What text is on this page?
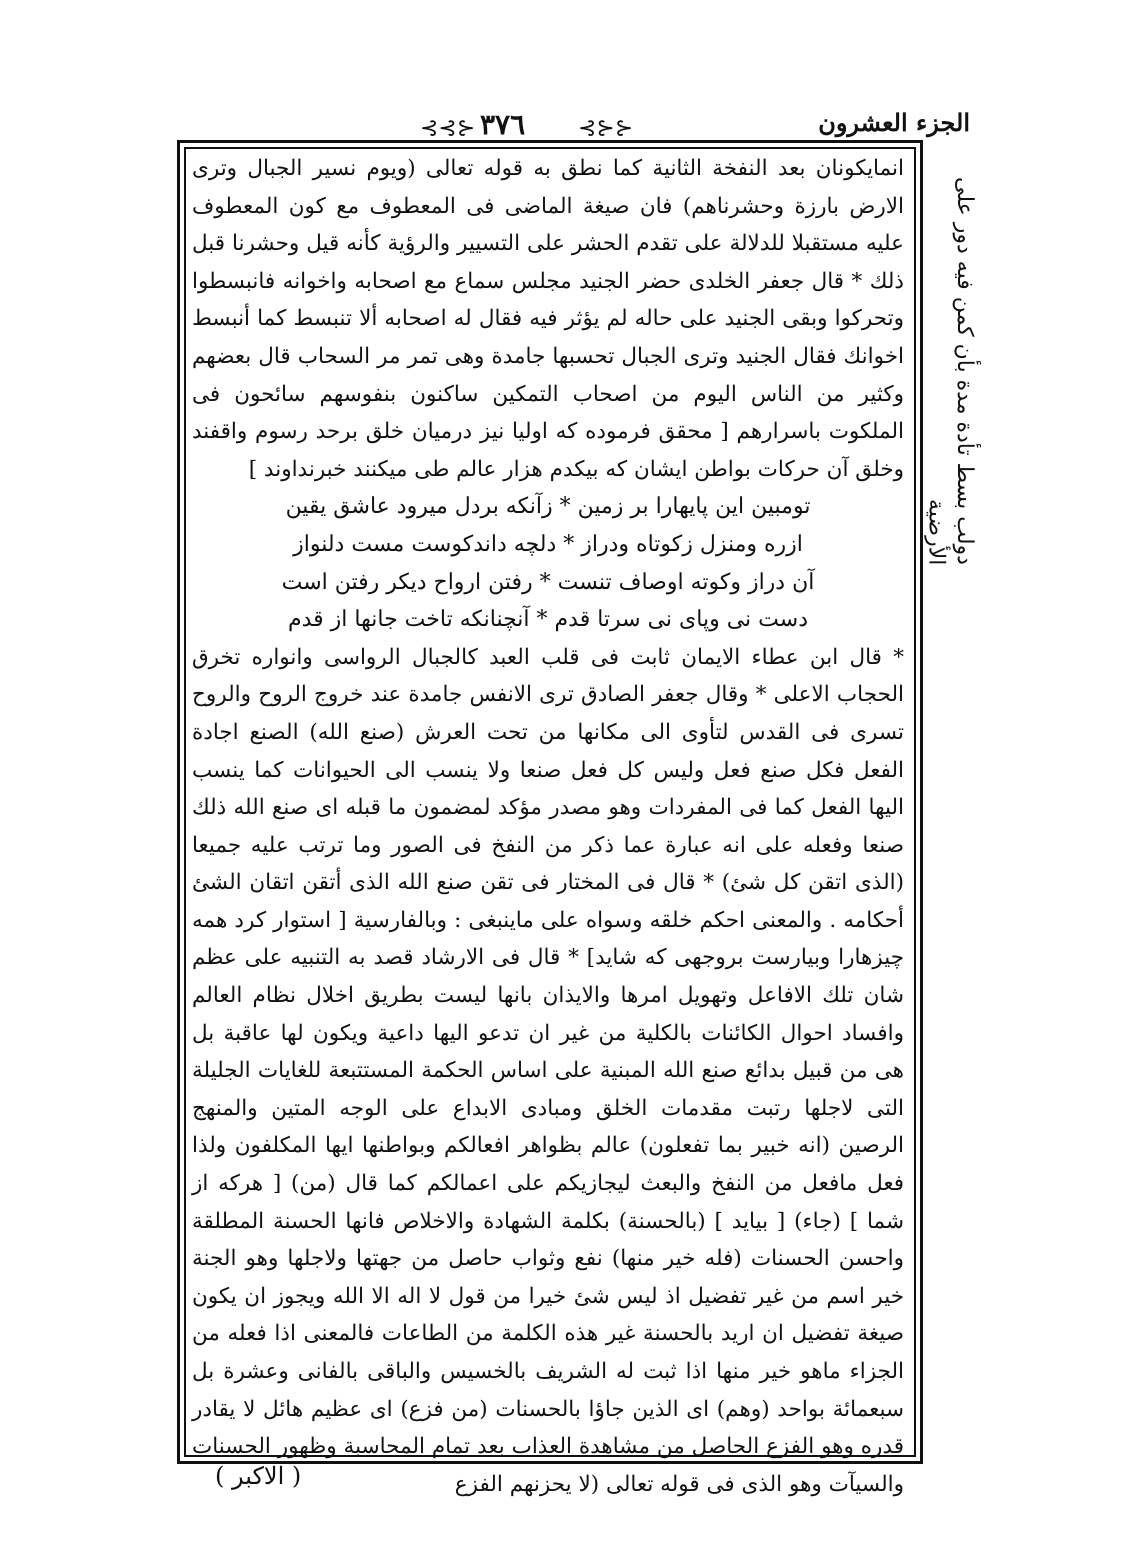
⊰⊰⊱ ٣٧٦ ⊰⊱⊱	الجزء العشرون
دولب بسط تأدة مدة بأن كمن فيه دور على الأرضية

انمايكونان بعد النفخة الثانية كما نطق به قوله تعالى (ويوم نسير الجبال وترى الارض بارزة وحشرناهم) فان صيغة الماضى فى المعطوف مع كون المعطوف عليه مستقبلا للدلالة على تقدم الحشر على التسيير والرؤية كأنه قيل وحشرنا قبل ذلك * قال جعفر الخلدى حضر الجنيد مجلس سماع مع اصحابه واخوانه فانبسطوا وتحركوا وبقى الجنيد على حاله لم يؤثر فيه فقال له اصحابه ألا تنبسط كما أنبسط اخوانك فقال الجنيد وترى الجبال تحسبها جامدة وهى تمر مر السحاب قال بعضهم وكثير من الناس اليوم من اصحاب التمكين ساكنون بنفوسهم سائحون فى الملكوت باسرارهم [ محقق فرموده كه اوليا نيز درميان خلق برحد رسوم واقفند وخلق آن حركات بواطن ايشان كه بيكدم هزار عالم طى ميكنند خبرنداوند ]

تومبين اين پايهارا بر زمين * زآنكه بردل ميرود عاشق يقين
ازره ومنزل زكوتاه ودراز * دلچه داندكوست مست دلنواز
آن دراز وكوته اوصاف تنست * رفتن ارواح ديكر رفتن است
دست نى وپاى نى سرتا قدم * آنچنانكه تاخت جانها از قدم

* قال ابن عطاء الايمان ثابت فى قلب العبد كالجبال الرواسى وانواره تخرق الحجاب الاعلى * وقال جعفر الصادق ترى الانفس جامدة عند خروج الروح والروح تسرى فى القدس لتأوى الى مكانها من تحت العرش (صنع الله) الصنع اجادة الفعل فكل صنع فعل وليس كل فعل صنعا ولا ينسب الى الحيوانات كما ينسب اليها الفعل كما فى المفردات وهو مصدر مؤكد لمضمون ما قبله اى صنع الله ذلك صنعا وفعله على انه عبارة عما ذكر من النفخ فى الصور وما ترتب عليه جميعا (الذى اتقن كل شئ) * قال فى المختار فى تقن صنع الله الذى أتقن اتقان الشئ أحكامه . والمعنى احكم خلقه وسواه على ماينبغى : وبالفارسية [ استوار كرد همه چيزهارا وبيارست بروجهى كه شايد] * قال فى الارشاد قصد به التنبيه على عظم شان تلك الافاعل وتهويل امرها والايذان بانها ليست بطريق اخلال نظام العالم وافساد احوال الكائنات بالكلية من غير ان تدعو اليها داعية ويكون لها عاقبة بل هى من قبيل بدائع صنع الله المبنية على اساس الحكمة المستتبعة للغايات الجليلة التى لاجلها رتبت مقدمات الخلق ومبادى الابداع على الوجه المتين والمنهج الرصين (انه خبير بما تفعلون) عالم بظواهر افعالكم وبواطنها ايها المكلفون ولذا فعل مافعل من النفخ والبعث ليجازيكم على اعمالكم كما قال (من) [ هركه از شما ] (جاء) [ بيايد ] (بالحسنة) بكلمة الشهادة والاخلاص فانها الحسنة المطلقة واحسن الحسنات (فله خير منها) نفع وثواب حاصل من جهتها ولاجلها وهو الجنة خير اسم من غير تفضيل اذ ليس شئ خيرا من قول لا اله الا الله ويجوز ان يكون صيغة تفضيل ان اريد بالحسنة غير هذه الكلمة من الطاعات فالمعنى اذا فعله من الجزاء ماهو خير منها اذا ثبت له الشريف بالخسيس والباقى بالفانى وعشرة بل سبعمائة بواحد (وهم) اى الذين جاؤا بالحسنات (من فزع) اى عظيم هائل لا يقادر قدره وهو الفزع الحاصل من مشاهدة العذاب بعد تمام المحاسبة وظهور الحسنات والسيآت وهو الذى فى قوله تعالى (لا يحزنهم الفزع

( الاكبر )
